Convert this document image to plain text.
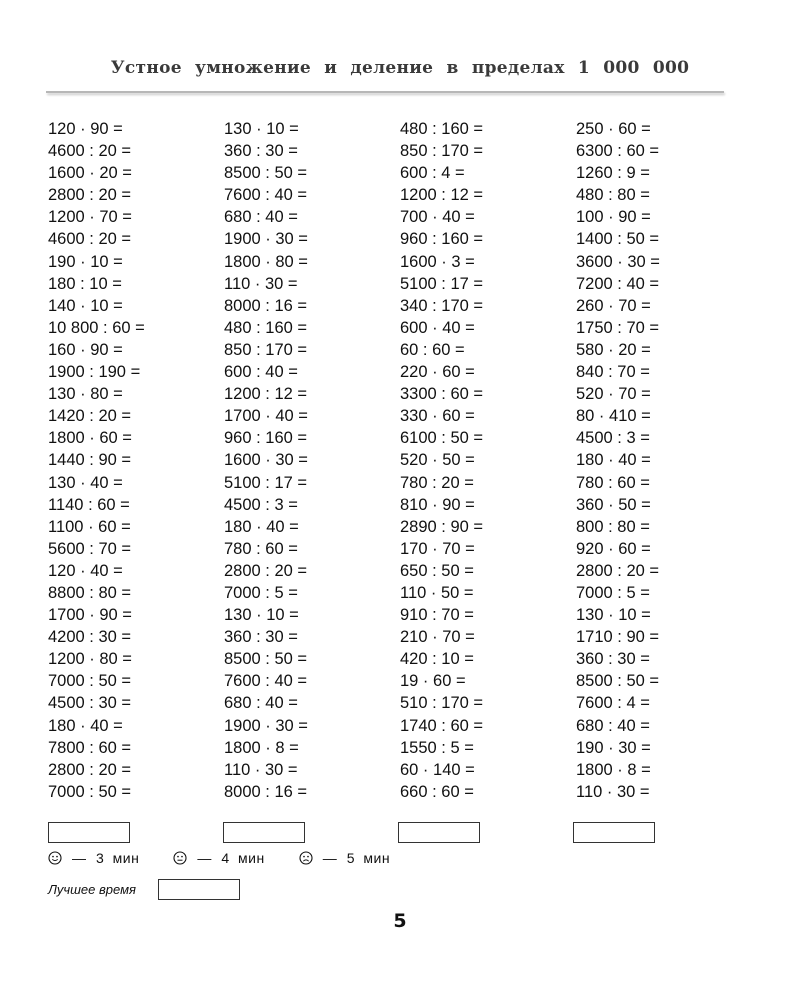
Устное умножение и деление в пределах 1 000 000
120 · 90 =
4600 : 20 =
1600 · 20 =
2800 : 20 =
1200 · 70 =
4600 : 20 =
190 · 10 =
180 : 10 =
140 · 10 =
10 800 : 60 =
160 · 90 =
1900 : 190 =
130 · 80 =
1420 : 20 =
1800 · 60 =
1440 : 90 =
130 · 40 =
1140 : 60 =
1100 · 60 =
5600 : 70 =
120 · 40 =
8800 : 80 =
1700 · 90 =
4200 : 30 =
1200 · 80 =
7000 : 50 =
4500 : 30 =
180 · 40 =
7800 : 60 =
2800 : 20 =
7000 : 50 =
130 · 10 =
360 : 30 =
8500 : 50 =
7600 : 40 =
680 : 40 =
1900 · 30 =
1800 · 80 =
110 · 30 =
8000 : 16 =
480 : 160 =
850 : 170 =
600 : 40 =
1200 : 12 =
1700 · 40 =
960 : 160 =
1600 · 30 =
5100 : 17 =
4500 : 3 =
180 · 40 =
780 : 60 =
2800 : 20 =
7000 : 5 =
130 · 10 =
360 : 30 =
8500 : 50 =
7600 : 40 =
680 : 40 =
1900 · 30 =
1800 · 8 =
110 · 30 =
8000 : 16 =
480 : 160 =
850 : 170 =
600 : 4 =
1200 : 12 =
700 · 40 =
960 : 160 =
1600 · 3 =
5100 : 17 =
340 : 170 =
600 · 40 =
60 : 60 =
220 · 60 =
3300 : 60 =
330 · 60 =
6100 : 50 =
520 · 50 =
780 : 20 =
810 · 90 =
2890 : 90 =
170 · 70 =
650 : 50 =
110 · 50 =
910 : 70 =
210 · 70 =
420 : 10 =
19 · 60 =
510 : 170 =
1740 : 60 =
1550 : 5 =
60 · 140 =
660 : 60 =
250 · 60 =
6300 : 60 =
1260 : 9 =
480 : 80 =
100 · 90 =
1400 : 50 =
3600 · 30 =
7200 : 40 =
260 · 70 =
1750 : 70 =
580 · 20 =
840 : 70 =
520 · 70 =
80 · 410 =
4500 : 3 =
180 · 40 =
780 : 60 =
360 · 50 =
800 : 80 =
920 · 60 =
2800 : 20 =
7000 : 5 =
130 · 10 =
1710 : 90 =
360 : 30 =
8500 : 50 =
7600 : 4 =
680 : 40 =
190 · 30 =
1800 · 8 =
110 · 30 =
— 3 мин	— 4 мин	— 5 мин
Лучшее время
5
